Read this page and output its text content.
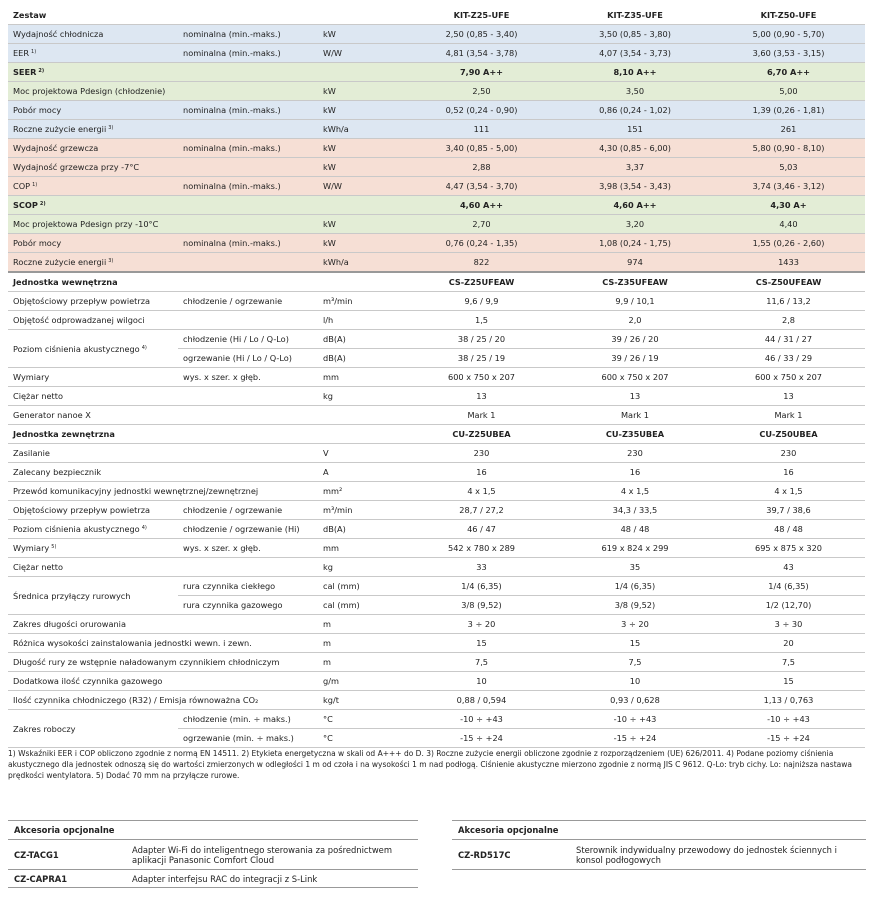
Zestaw			KIT-Z25-UFE	KIT-Z35-UFE	KIT-Z50-UFE
Wydajność chłodnicza	nominalna (min.-maks.)	kW	2,50 (0,85 - 3,40)	3,50 (0,85 - 3,80)	5,00 (0,90 - 5,70)
EER $^{1)}$	nominalna (min.-maks.)	W/W	4,81 (3,54 - 3,78)	4,07 (3,54 - 3,73)	3,60 (3,53 - 3,15)
SEER $^{2)}$			7,90 A++	8,10 A++	6,70 A++
Moc projektowa Pdesign (chłodzenie)		kW	2,50	3,50	5,00
Pobór mocy	nominalna (min.-maks.)	kW	0,52 (0,24 - 0,90)	0,86 (0,24 - 1,02)	1,39 (0,26 - 1,81)
Roczne zużycie energii $^{3)}$		kWh/a	111	151	261
Wydajność grzewcza	nominalna (min.-maks.)	kW	3,40 (0,85 - 5,00)	4,30 (0,85 - 6,00)	5,80 (0,90 - 8,10)
Wydajność grzewcza przy -7°C		kW	2,88	3,37	5,03
COP $^{1)}$	nominalna (min.-maks.)	W/W	4,47 (3,54 - 3,70)	3,98 (3,54 - 3,43)	3,74 (3,46 - 3,12)
SCOP $^{2)}$			4,60 A++	4,60 A++	4,30 A+
Moc projektowa Pdesign przy -10°C		kW	2,70	3,20	4,40
Pobór mocy	nominalna (min.-maks.)	kW	0,76 (0,24 - 1,35)	1,08 (0,24 - 1,75)	1,55 (0,26 - 2,60)
Roczne zużycie energii $^{3)}$		kWh/a	822	974	1433
Jednostka wewnętrzna			CS-Z25UFEAW	CS-Z35UFEAW	CS-Z50UFEAW
Objętościowy przepływ powietrza	chłodzenie / ogrzewanie	m³/min	9,6 / 9,9	9,9 / 10,1	11,6 / 13,2
Objętość odprowadzanej wilgoci		l/h	1,5	2,0	2,8
Poziom ciśnienia akustycznego $^{4)}$	chłodzenie (Hi / Lo / Q-Lo)	dB(A)	38 / 25 / 20	39 / 26 / 20	44 / 31 / 27
	ogrzewanie (Hi / Lo / Q-Lo)	dB(A)	38 / 25 / 19	39 / 26 / 19	46 / 33 / 29
Wymiary	wys. x szer. x głęb.	mm	600 x 750 x 207	600 x 750 x 207	600 x 750 x 207
Ciężar netto		kg	13	13	13
Generator nanoe X			Mark 1	Mark 1	Mark 1
Jednostka zewnętrzna			CU-Z25UBEA	CU-Z35UBEA	CU-Z50UBEA
Zasilanie		V	230	230	230
Zalecany bezpiecznik		A	16	16	16
Przewód komunikacyjny jednostki wewnętrznej/zewnętrznej		mm²	4 x 1,5	4 x 1,5	4 x 1,5
Objętościowy przepływ powietrza	chłodzenie / ogrzewanie	m³/min	28,7 / 27,2	34,3 / 33,5	39,7 / 38,6
Poziom ciśnienia akustycznego $^{4)}$	chłodzenie / ogrzewanie (Hi)	dB(A)	46 / 47	48 / 48	48 / 48
Wymiary $^{5)}$	wys. x szer. x głęb.	mm	542 x 780 x 289	619 x 824 x 299	695 x 875 x 320
Ciężar netto		kg	33	35	43
Średnica przyłączy rurowych	rura czynnika ciekłego	cal (mm)	1/4 (6,35)	1/4 (6,35)	1/4 (6,35)
	rura czynnika gazowego	cal (mm)	3/8 (9,52)	3/8 (9,52)	1/2 (12,70)
Zakres długości orurowania		m	3 ÷ 20	3 ÷ 20	3 ÷ 30
Różnica wysokości zainstalowania jednostki wewn. i zewn.		m	15	15	20
Długość rury ze wstępnie naładowanym czynnikiem chłodniczym		m	7,5	7,5	7,5
Dodatkowa ilość czynnika gazowego		g/m	10	10	15
Ilość czynnika chłodniczego (R32) / Emisja równoważna CO₂		kg/t	0,88 / 0,594	0,93 / 0,628	1,13 / 0,763
Zakres roboczy	chłodzenie (min. ÷ maks.)	°C	-10 ÷ +43	-10 ÷ +43	-10 ÷ +43
	ogrzewanie (min. ÷ maks.)	°C	-15 ÷ +24	-15 ÷ +24	-15 ÷ +24
1) Wskaźniki EER i COP obliczono zgodnie z normą EN 14511. 2) Etykieta energetyczna w skali od A+++ do D. 3) Roczne zużycie energii obliczone zgodnie z rozporządzeniem (UE) 626/2011. 4) Podane poziomy ciśnienia akustycznego dla jednostek odnoszą się do wartości zmierzonych w odległości 1 m od czoła i na wysokości 1 m nad podłogą. Ciśnienie akustyczne mierzono zgodnie z normą JIS C 9612. Q-Lo: tryb cichy. Lo: najniższa nastawa prędkości wentylatora. 5) Dodać 70 mm na przyłącze rurowe.
Akcesoria opcjonalne	
CZ-TACG1	Adapter Wi-Fi do inteligentnego sterowania za pośrednictwem aplikacji Panasonic Comfort Cloud
CZ-CAPRA1	Adapter interfejsu RAC do integracji z S-Link
Akcesoria opcjonalne
CZ-RD517C	Sterownik indywidualny przewodowy do jednostek ściennych i konsol podłogowych
